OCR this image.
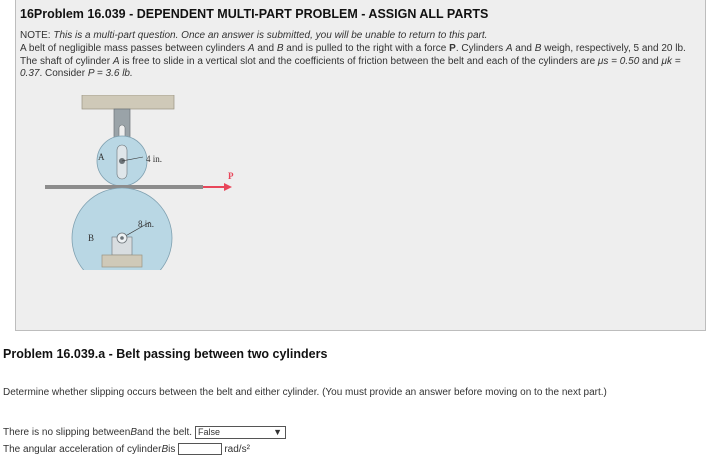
16Problem 16.039 - DEPENDENT MULTI-PART PROBLEM - ASSIGN ALL PARTS
NOTE: This is a multi-part question. Once an answer is submitted, you will be unable to return to this part.
A belt of negligible mass passes between cylinders A and B and is pulled to the right with a force P. Cylinders A and B weigh, respectively, 5 and 20 lb. The shaft of cylinder A is free to slide in a vertical slot and the coefficients of friction between the belt and each of the cylinders are μs = 0.50 and μk = 0.37. Consider P = 3.6 lb.
A	4 in.
P
B
8 in.
Problem 16.039.a - Belt passing between two cylinders
Determine whether slipping occurs between the belt and either cylinder. (You must provide an answer before moving on to the next part.)
There is no slipping between B and the belt. False	▼
The angular acceleration of cylinder B is	rad/s²
